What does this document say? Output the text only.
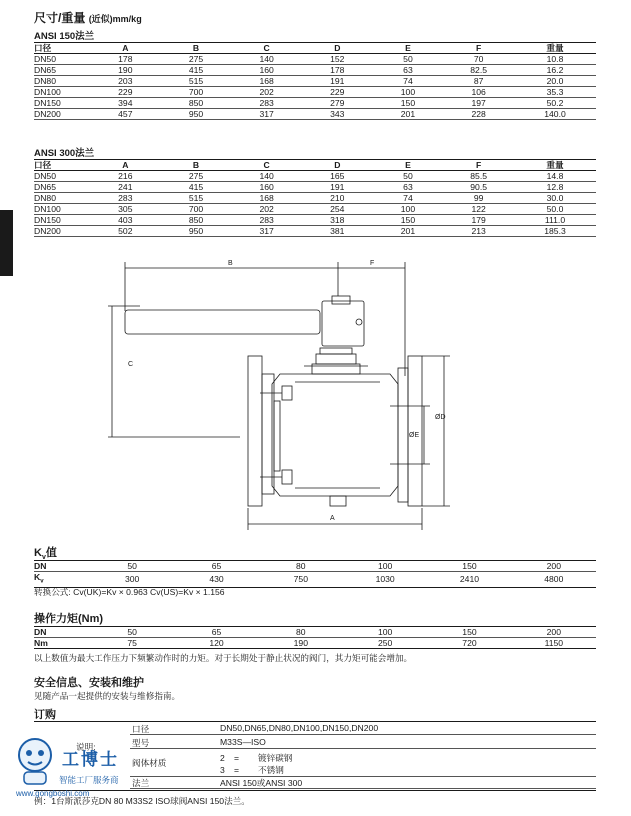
尺寸/重量 (近似)mm/kg
ANSI 150法兰
口径	A	B	C	D	E	F	重量
DN50	178	275	140	152	50	70	10.8
DN65	190	415	160	178	63	82.5	16.2
DN80	203	515	168	191	74	87	20.0
DN100	229	700	202	229	100	106	35.3
DN150	394	850	283	279	150	197	50.2
DN200	457	950	317	343	201	228	140.0
ANSI 300法兰
口径	A	B	C	D	E	F	重量
DN50	216	275	140	165	50	85.5	14.8
DN65	241	415	160	191	63	90.5	12.8
DN80	283	515	168	210	74	99	30.0
DN100	305	700	202	254	100	122	50.0
DN150	403	850	283	318	150	179	111.0
DN200	502	950	317	381	201	213	185.3
B	F
C
ØD
ØE
A
$K_v$值
DN	50	65	80	100	150	200
$K_v$	300	430	750	1030	2410	4800
转换公式: Cv(UK)=Kv × 0.963 Cv(US)=Kv × 1.156
操作力矩(Nm)
DN	50	65	80	100	150	200
Nm	75	120	190	250	720	1150
以上数值为最大工作压力下频繁动作时的力矩。对于长期处于静止状况的阀门，其力矩可能会增加。
安全信息、安装和维护
见随产品一起提供的安装与维修指南。
订购
说明:
口径	DN50,DN65,DN80,DN100,DN150,DN200
型号	M33S—ISO
阀体材质	2 = 镀锌碳钢
3 = 不锈钢
法兰	ANSI 150或ANSI 300
例：1台斯派莎克DN 80 M33S2 ISO球阀ANSI 150法兰。
工博士
智能工厂服务商
www.gongboshi.com
